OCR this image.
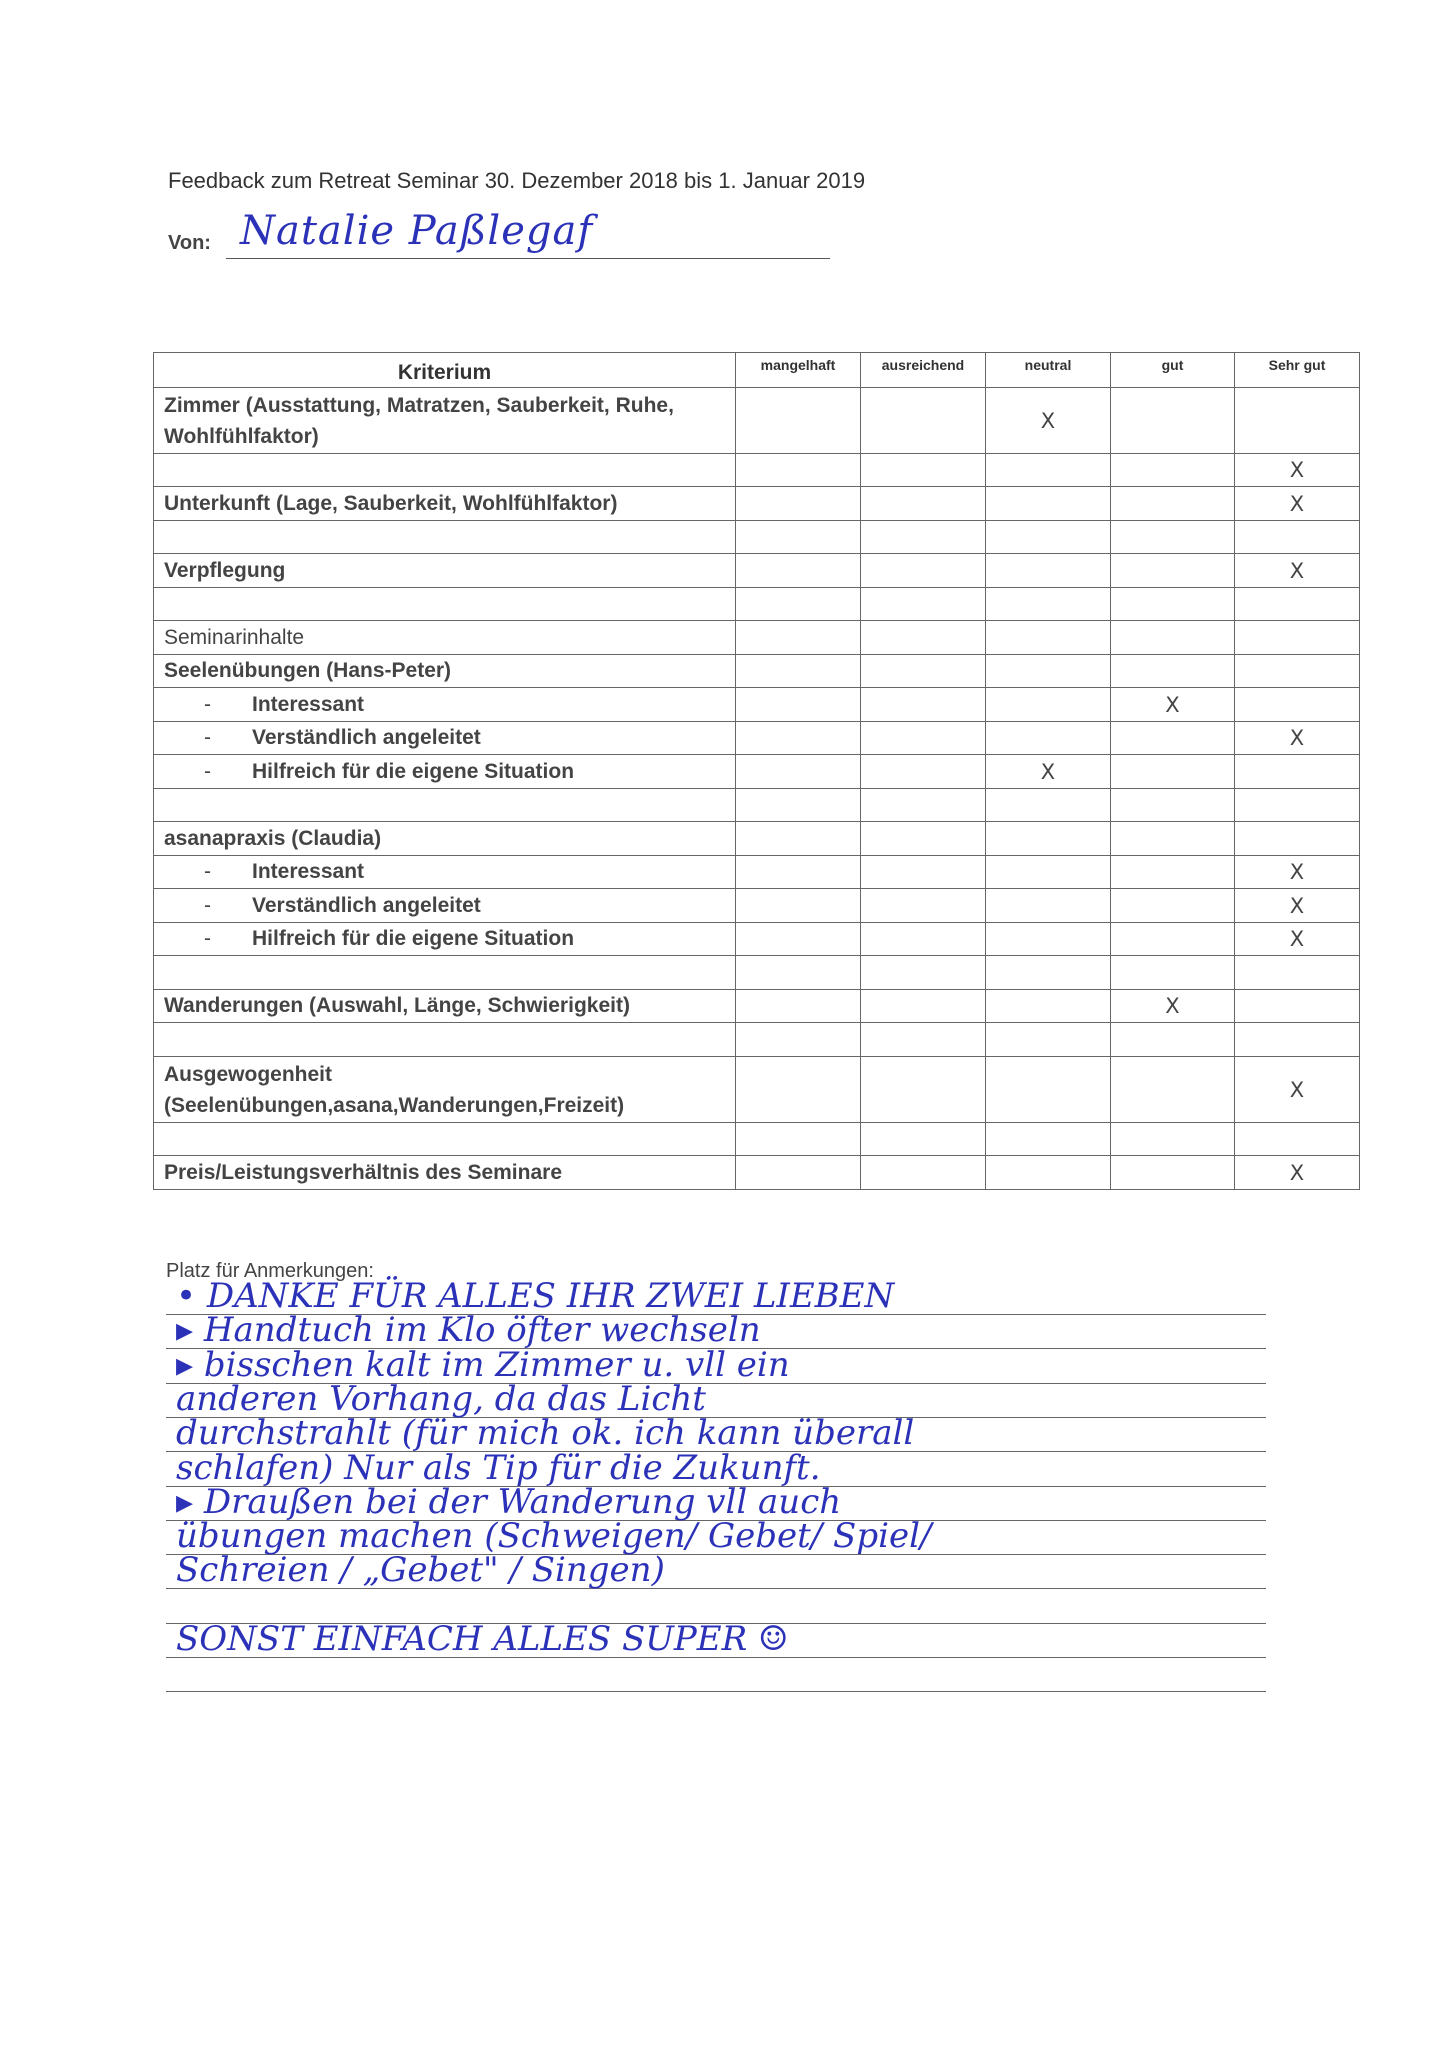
Feedback zum Retreat Seminar 30. Dezember 2018 bis 1. Januar 2019
Von: Natalie Paßlegaf
Kriterium	mangelhaft	ausreichend	neutral	gut	Sehr gut
Zimmer (Ausstattung, Matratzen, Sauberkeit, Ruhe, Wohlfühlfaktor)			X		
					X
Unterkunft (Lage, Sauberkeit, Wohlfühlfaktor)					X

Verpflegung					X

Seminarinhalte					
Seelenübungen (Hans-Peter)					
- Interessant				X	
- Verständlich angeleitet					X
- Hilfreich für die eigene Situation			X		

asanapraxis (Claudia)					
- Interessant					X
- Verständlich angeleitet					X
- Hilfreich für die eigene Situation					X

Wanderungen (Auswahl, Länge, Schwierigkeit)				X	

Ausgewogenheit (Seelenübungen,asana,Wanderungen,Freizeit)					X

Preis/Leistungsverhältnis des Seminare					X
Platz für Anmerkungen:
• DANKE FÜR ALLES IHR ZWEI LIEBEN
▸ Handtuch im Klo öfter wechseln
▸ bisschen kalt im Zimmer u. vll ein
anderen Vorhang, da das Licht
durchstrahlt (für mich ok. ich kann überall
schlafen) Nur als Tip für die Zukunft.
▸ Draußen bei der Wanderung vll auch
übungen machen (Schweigen/ Gebet/ Spiel/
Schreien / „Gebet" / Singen)
SONST EINFACH ALLES SUPER ☺
